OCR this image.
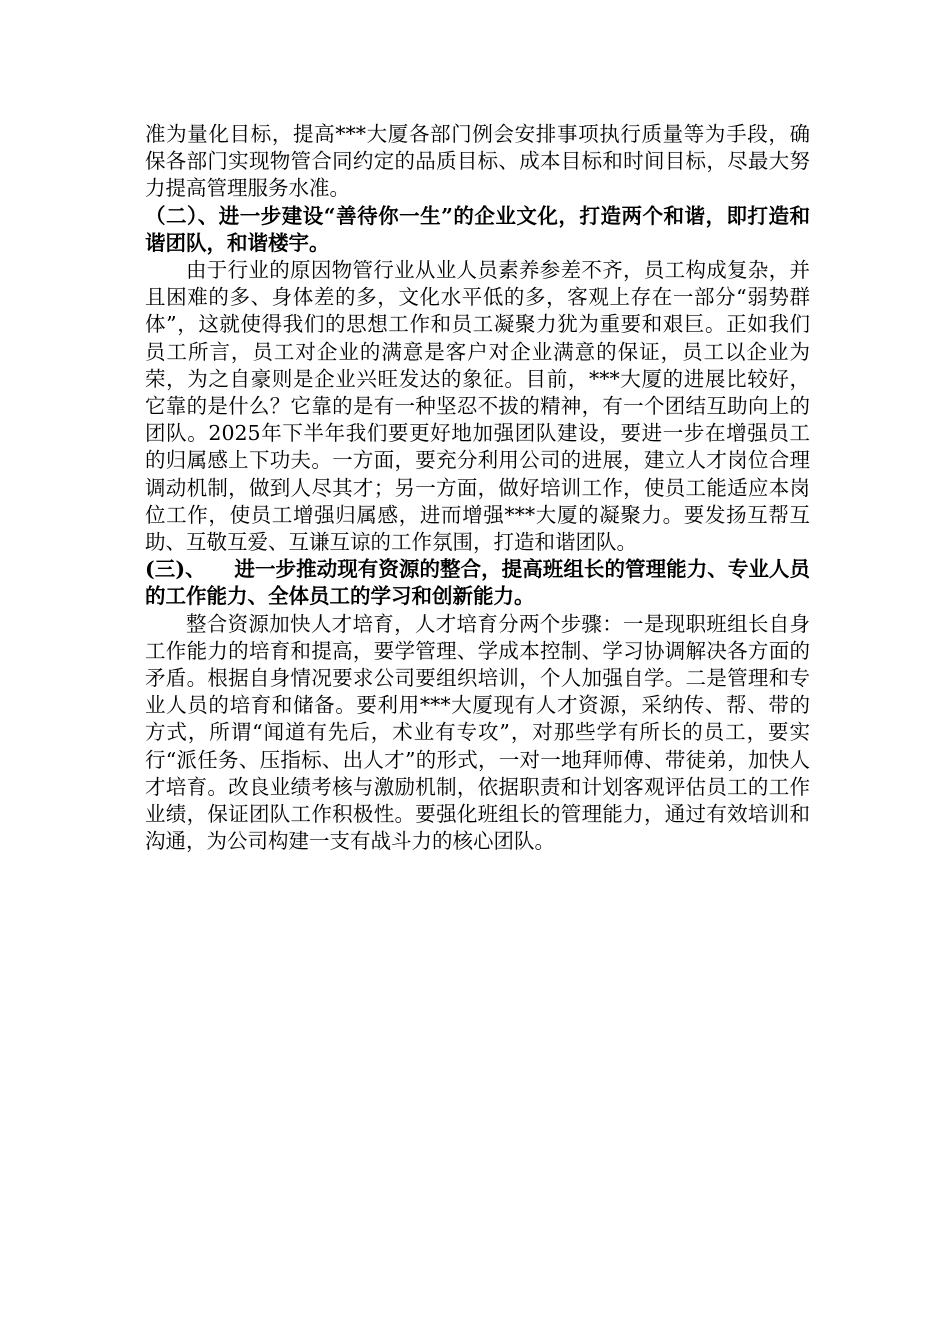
准为量化目标，提高***大厦各部门例会安排事项执行质量等为手段，确保各部门实现物管合同约定的品质目标、成本目标和时间目标，尽最大努力提高管理服务水准。

（二）、进一步建设“善待你一生”的企业文化，打造两个和谐，即打造和谐团队，和谐楼宇。

由于行业的原因物管行业从业人员素养参差不齐，员工构成复杂，并且困难的多、身体差的多，文化水平低的多，客观上存在一部分“弱势群体”，这就使得我们的思想工作和员工凝聚力犹为重要和艰巨。正如我们员工所言，员工对企业的满意是客户对企业满意的保证，员工以企业为荣，为之自豪则是企业兴旺发达的象征。目前，***大厦的进展比较好，它靠的是什么？它靠的是有一种坚忍不拔的精神，有一个团结互助向上的团队。2025年下半年我们要更好地加强团队建设，要进一步在增强员工的归属感上下功夫。一方面，要充分利用公司的进展，建立人才岗位合理调动机制，做到人尽其才；另一方面，做好培训工作，使员工能适应本岗位工作，使员工增强归属感，进而增强***大厦的凝聚力。要发扬互帮互助、互敬互爱、互谦互谅的工作氛围，打造和谐团队。

(三)、    进一步推动现有资源的整合，提高班组长的管理能力、专业人员的工作能力、全体员工的学习和创新能力。

整合资源加快人才培育，人才培育分两个步骤：一是现职班组长自身工作能力的培育和提高，要学管理、学成本控制、学习协调解决各方面的矛盾。根据自身情况要求公司要组织培训，个人加强自学。二是管理和专业人员的培育和储备。要利用***大厦现有人才资源，采纳传、帮、带的方式，所谓“闻道有先后，术业有专攻”，对那些学有所长的员工，要实行“派任务、压指标、出人才”的形式，一对一地拜师傅、带徒弟，加快人才培育。改良业绩考核与激励机制，依据职责和计划客观评估员工的工作业绩，保证团队工作积极性。要强化班组长的管理能力，通过有效培训和沟通，为公司构建一支有战斗力的核心团队。
